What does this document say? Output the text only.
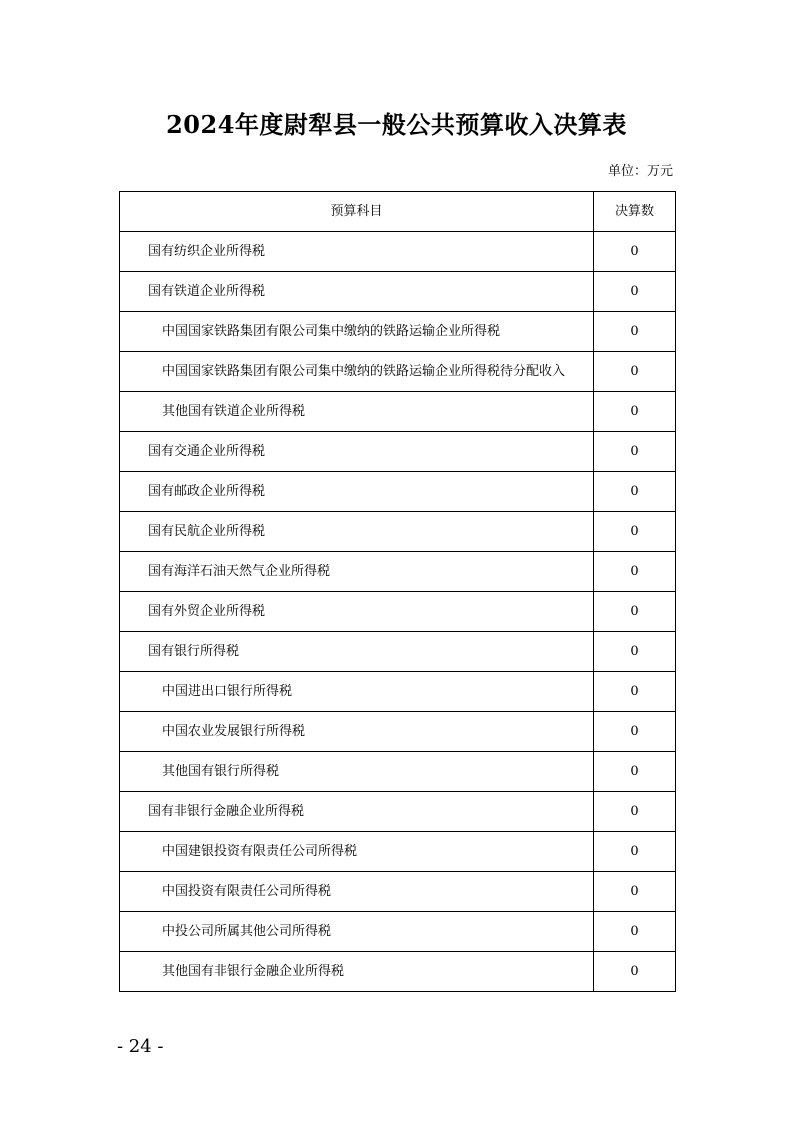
2024年度尉犁县一般公共预算收入决算表
单位：万元
预算科目	决算数
国有纺织企业所得税	0
国有铁道企业所得税	0
中国国家铁路集团有限公司集中缴纳的铁路运输企业所得税	0
中国国家铁路集团有限公司集中缴纳的铁路运输企业所得税待分配收入	0
其他国有铁道企业所得税	0
国有交通企业所得税	0
国有邮政企业所得税	0
国有民航企业所得税	0
国有海洋石油天然气企业所得税	0
国有外贸企业所得税	0
国有银行所得税	0
中国进出口银行所得税	0
中国农业发展银行所得税	0
其他国有银行所得税	0
国有非银行金融企业所得税	0
中国建银投资有限责任公司所得税	0
中国投资有限责任公司所得税	0
中投公司所属其他公司所得税	0
其他国有非银行金融企业所得税	0
- 24 -
